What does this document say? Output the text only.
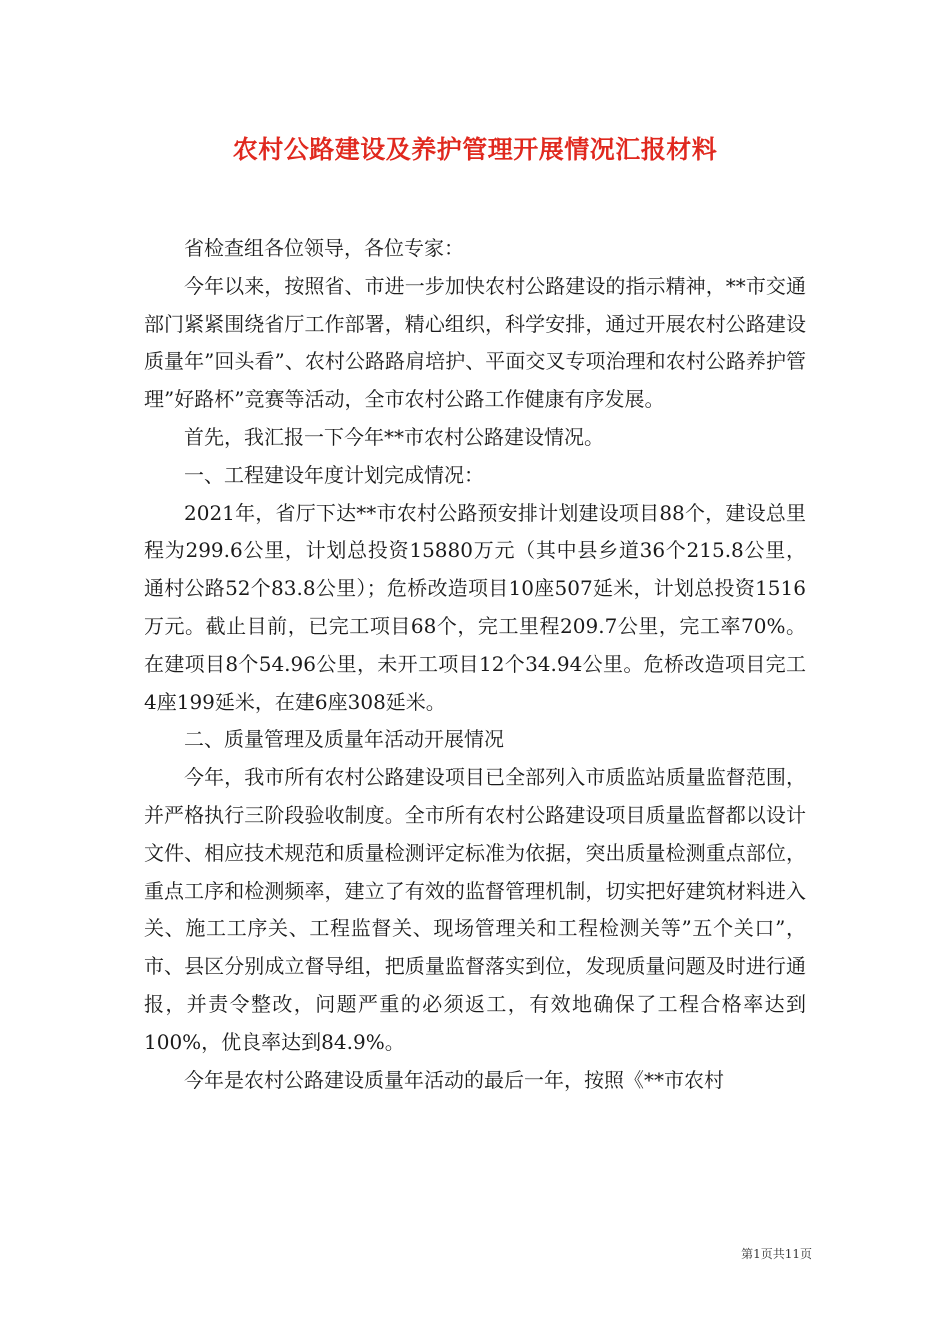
农村公路建设及养护管理开展情况汇报材料

省检查组各位领导，各位专家：

今年以来，按照省、市进一步加快农村公路建设的指示精神，**市交通部门紧紧围绕省厅工作部署，精心组织，科学安排，通过开展农村公路建设质量年”回头看”、农村公路路肩培护、平面交叉专项治理和农村公路养护管理”好路杯”竞赛等活动，全市农村公路工作健康有序发展。

首先，我汇报一下今年**市农村公路建设情况。

一、工程建设年度计划完成情况：

2021年，省厅下达**市农村公路预安排计划建设项目88个，建设总里程为299.6公里，计划总投资15880万元（其中县乡道36个215.8公里，通村公路52个83.8公里）；危桥改造项目10座507延米，计划总投资1516万元。截止目前，已完工项目68个，完工里程209.7公里，完工率70%。在建项目8个54.96公里，未开工项目12个34.94公里。危桥改造项目完工4座199延米，在建6座308延米。

二、质量管理及质量年活动开展情况

今年，我市所有农村公路建设项目已全部列入市质监站质量监督范围，并严格执行三阶段验收制度。全市所有农村公路建设项目质量监督都以设计文件、相应技术规范和质量检测评定标准为依据，突出质量检测重点部位，重点工序和检测频率，建立了有效的监督管理机制，切实把好建筑材料进入关、施工工序关、工程监督关、现场管理关和工程检测关等”五个关口”，市、县区分别成立督导组，把质量监督落实到位，发现质量问题及时进行通报，并责令整改，问题严重的必须返工，有效地确保了工程合格率达到100%，优良率达到84.9%。

今年是农村公路建设质量年活动的最后一年，按照《**市农村

第1页共11页
